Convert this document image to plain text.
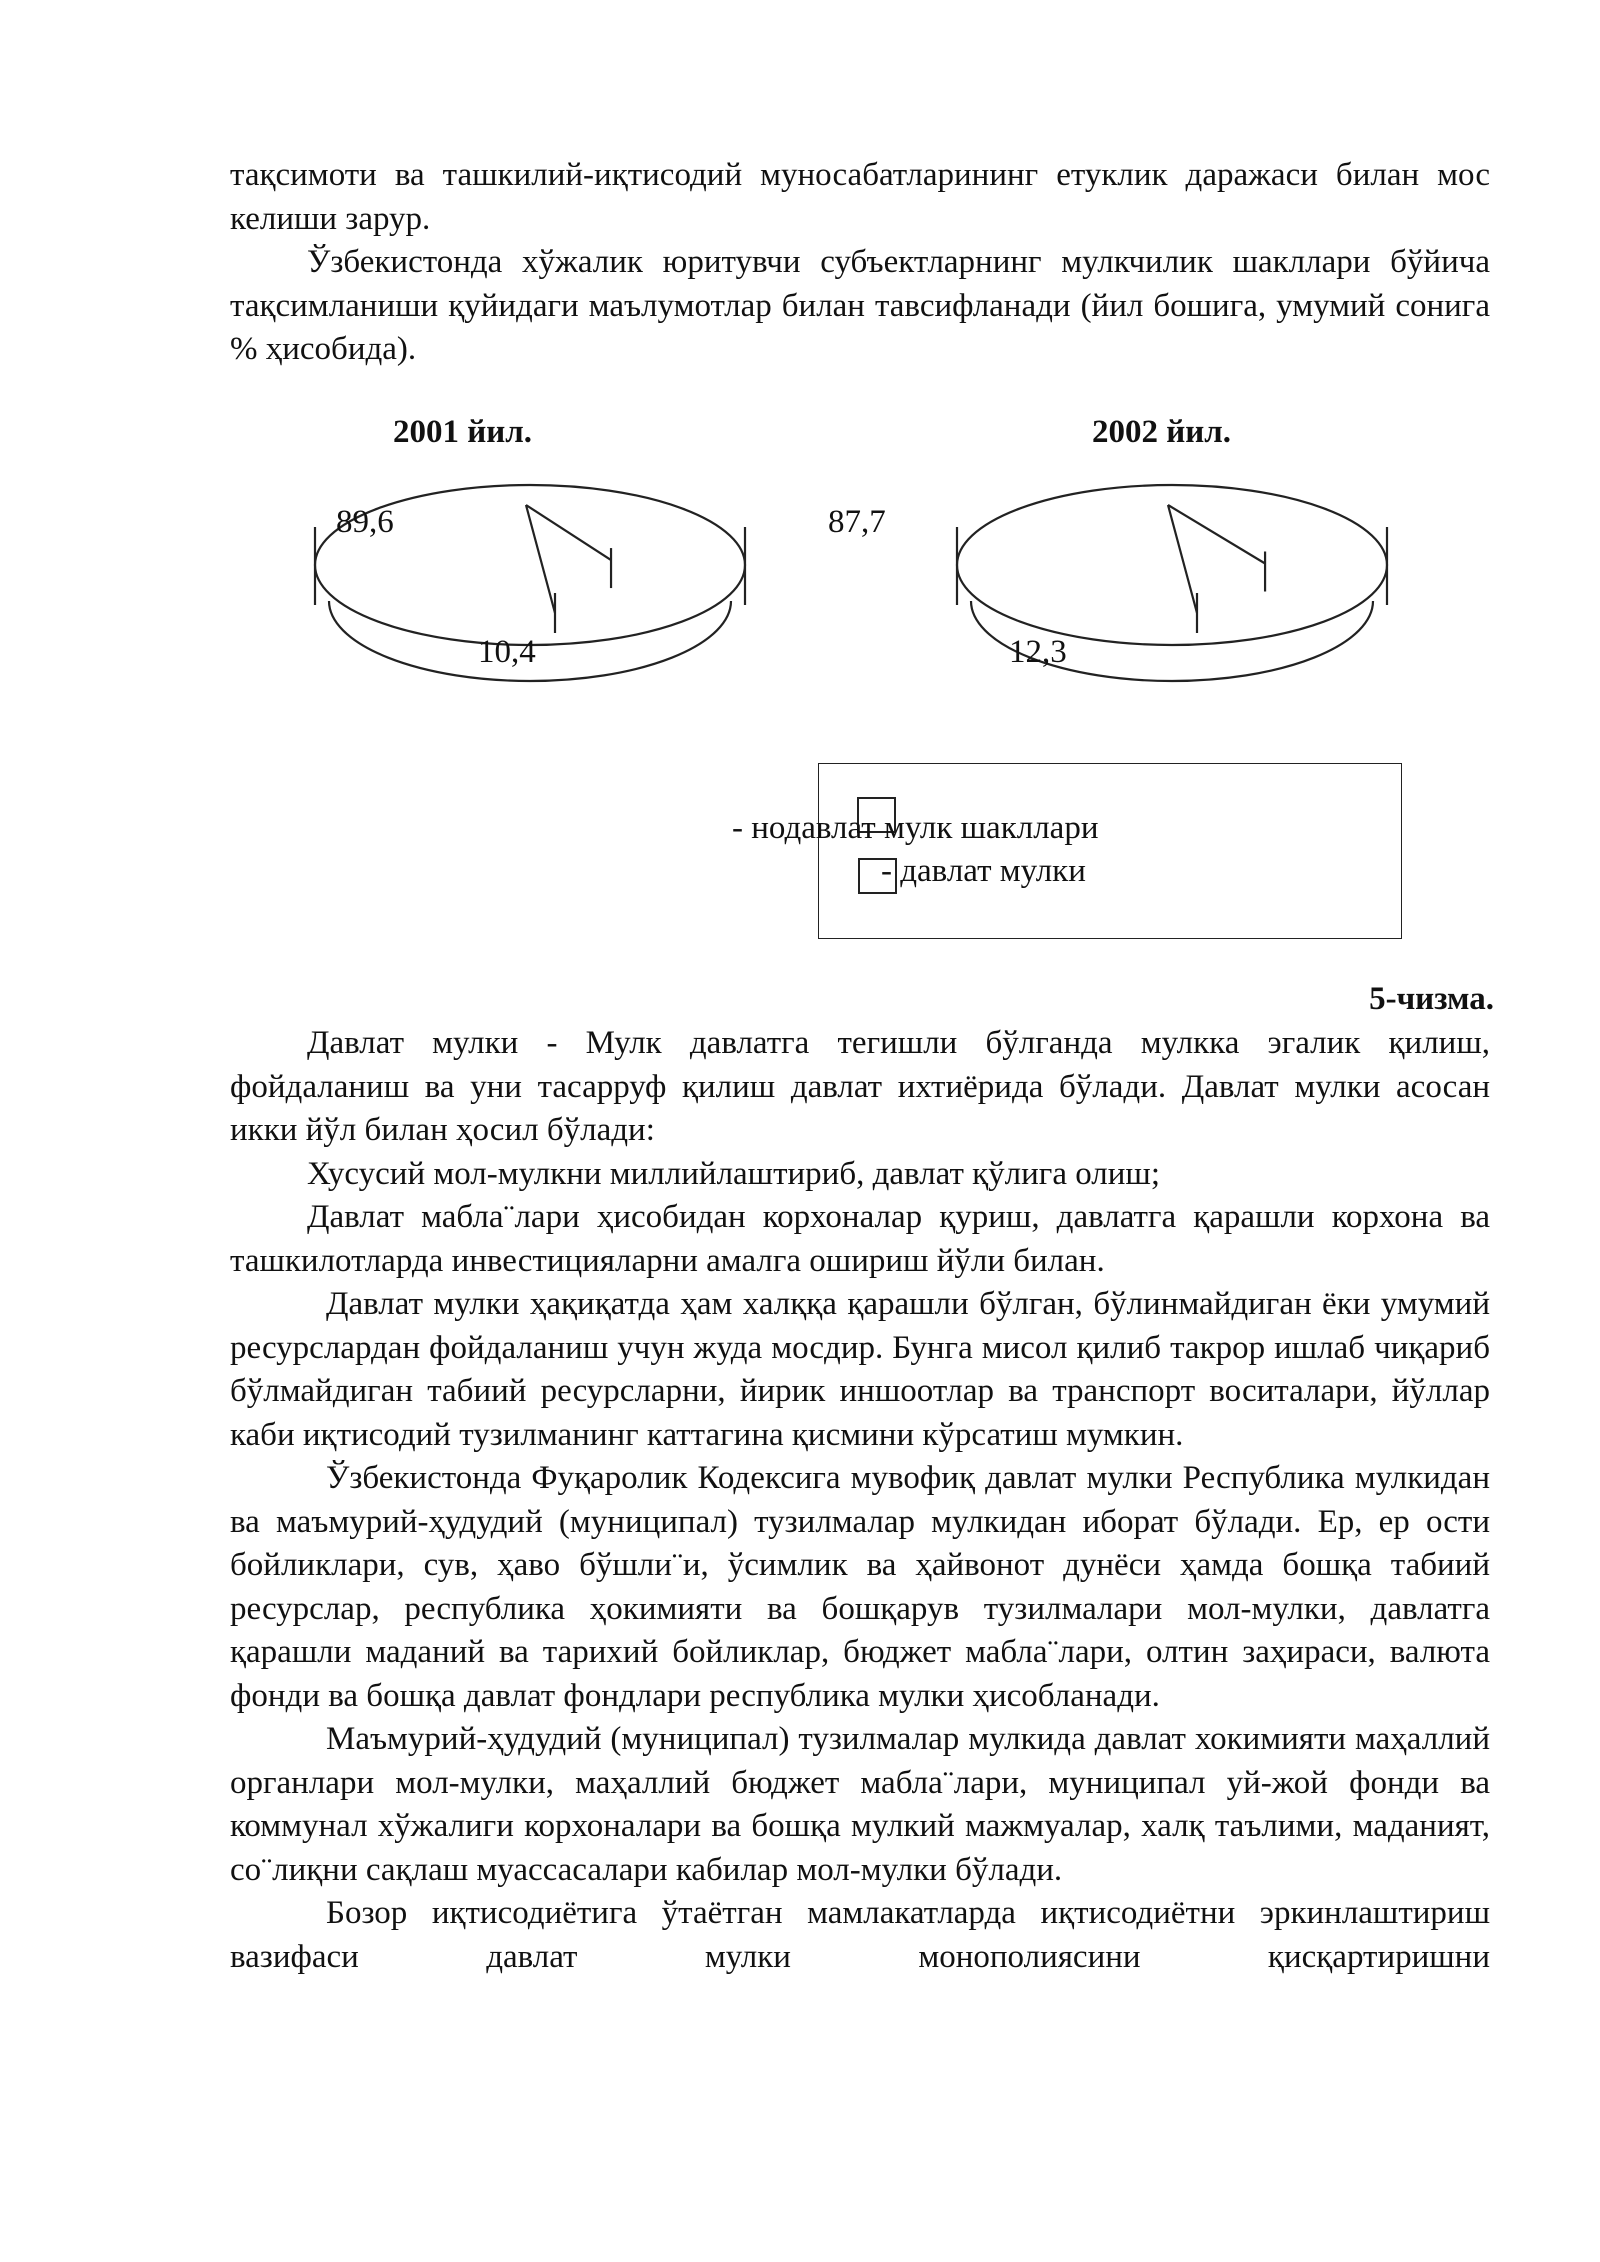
тақсимоти ва ташкилий-иқтисодий муносабатларининг етуклик даражаси билан мос келиши зарур.

Ўзбекистонда хўжалик юритувчи субъектларнинг мулкчилик шакллари бўйича тақсимланиши қуйидаги маълумотлар билан тавсифланади (йил бошига, умумий сонига % ҳисобида).

2001 йил.	2002 йил.
89,6
10,4
87,7
12,3
- нодавлат мулк шакллари
- давлат мулки
5-чизма.

Давлат мулки - Мулк давлатга тегишли бўлганда мулкка эгалик қилиш, фойдаланиш ва уни тасарруф қилиш давлат ихтиёрида бўлади. Давлат мулки асосан икки йўл билан ҳосил бўлади:

Хусусий мол-мулкни миллийлаштириб, давлат қўлига олиш;

Давлат маблa¨лари ҳисобидан корхоналар қуриш, давлатга қарашли корхона ва ташкилотларда инвестицияларни амалга ошириш йўли билан.

Давлат мулки ҳақиқатда ҳам халққа қарашли бўлган, бўлинмайдиган ёки умумий ресурслардан фойдаланиш учун жуда мосдир. Бунга мисол қилиб такрор ишлаб чиқариб бўлмайдиган табиий ресурсларни, йирик иншоотлар ва транспорт воситалари, йўллар каби иқтисодий тузилманинг каттагина қисмини кўрсатиш мумкин.

Ўзбекистонда Фуқаролик Кодексига мувофиқ давлат мулки Республика мулкидан ва маъмурий-ҳудудий (муниципал) тузилмалар мулкидан иборат бўлади. Ер, ер ости бойликлари, сув, ҳаво бўшли¨и, ўсимлик ва ҳайвонот дунёси ҳамда бошқа табиий ресурслар, республика ҳокимияти ва бошқарув тузилмалари мол-мулки, давлатга қарашли маданий ва тарихий бойликлар, бюджет маблa¨лари, олтин заҳираси, валюта фонди ва бошқа давлат фондлари республика мулки ҳисобланади.

Маъмурий-ҳудудий (муниципал) тузилмалар мулкида давлат хокимияти маҳаллий органлари мол-мулки, маҳаллий бюджет маблa¨лари, муниципал уй-жой фонди ва коммунал хўжалиги корхоналари ва бошқа мулкий мажмуалар, халқ таълими, маданият, со¨лиқни сақлаш муассасалари кабилар мол-мулки бўлади.

Бозор иқтисодиётига ўтаётган мамлакатларда иқтисодиётни эркинлаштириш вазифаси давлат мулки монополиясини қисқартиришни
